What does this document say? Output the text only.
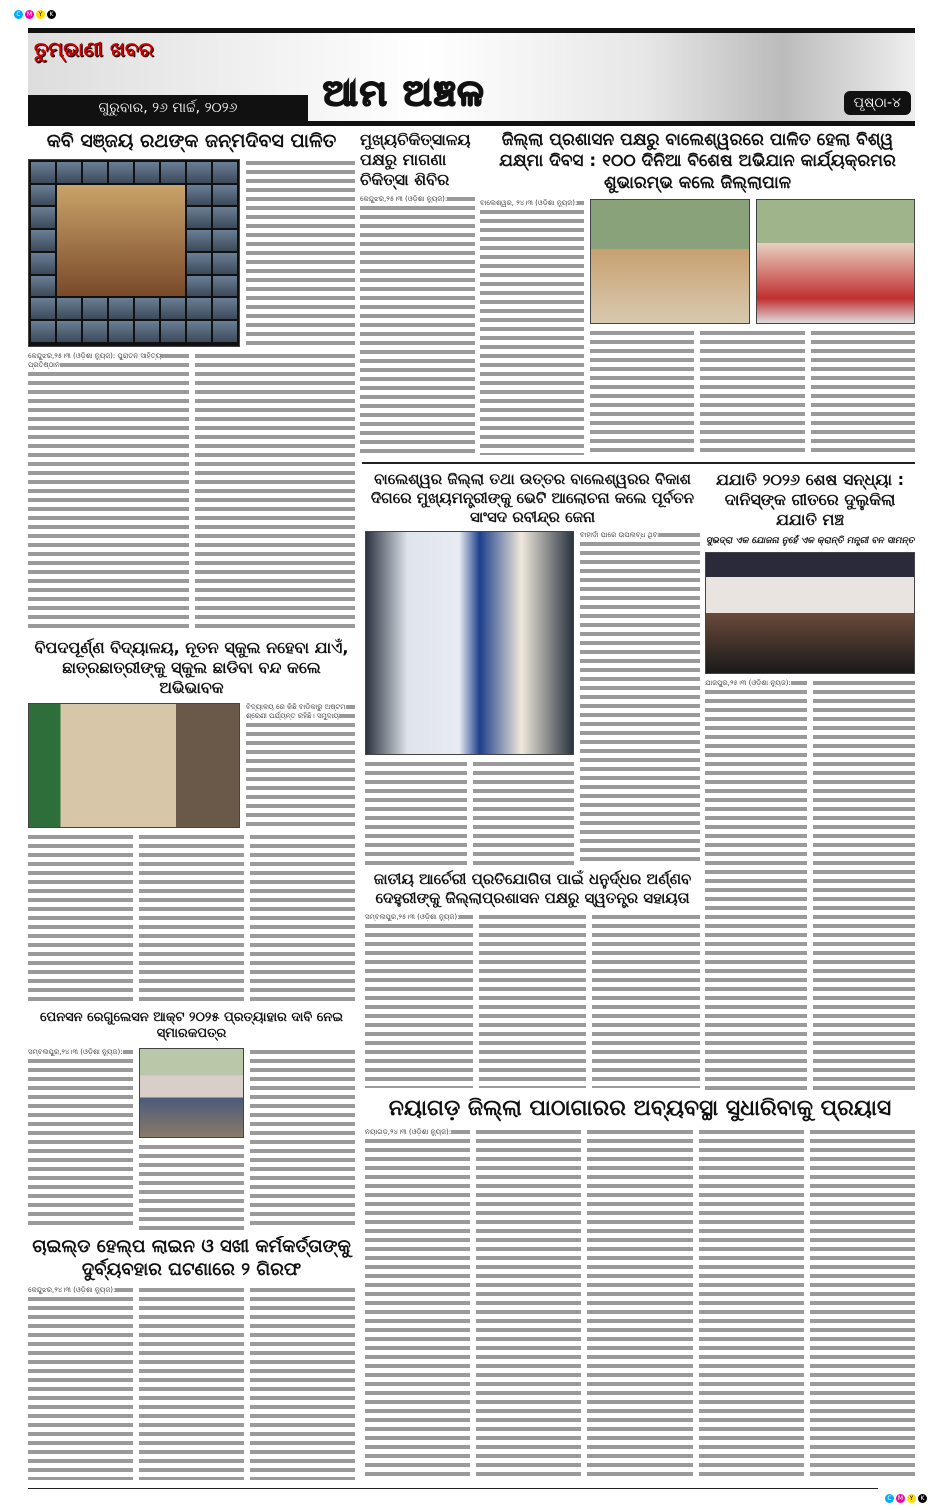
C	M	Y	K
C	M	Y	K
ତୁମ୍ଭାଣୀ ଖବର
ଗୁରୁବାର, ୨୬ ମାର୍ଚ୍ଚ, ୨୦୨୬	ଆମ ଅଞ୍ଚଳ	ପୃଷ୍ଠା-୪
କବି ସଞ୍ଜୟ ରଥଙ୍କ ଜନ୍ମଦିବସ ପାଳିତ
କେନ୍ଦୁଝର,୨୫।୩ (ଓଡ଼ିଶା ନ୍ୟୁଜ): ପୁରାତନ ସାହିତ୍ୟ ପ୍ରତିଷ୍ଠାନ
ମୁଖ୍ୟଚିକିତ୍ସାଳୟ ପକ୍ଷରୁ ମାଗଣା ଚିକିତ୍ସା ଶିବିର
କେନ୍ଦୁଝର,୨୫।୩ (ଓଡ଼ିଶା ନ୍ୟୁଜ):
ଜିଲ୍ଲା ପ୍ରଶାସନ ପକ୍ଷରୁ ବାଲେଶ୍ୱରରେ ପାଳିତ ହେଲା ବିଶ୍ୱ ଯକ୍ଷ୍ମା ଦିବସ : ୧୦୦ ଦିନିଆ ବିଶେଷ ଅଭିଯାନ କାର୍ଯ୍ୟକ୍ରମର ଶୁଭାରମ୍ଭ କଲେ ଜିଲ୍ଲାପାଳ
ବାଲେଶ୍ୱର, ୨୪।୩ (ଓଡ଼ିଶା ନ୍ୟୁଜ):
ବାଲେଶ୍ୱର ଜିଲ୍ଲା ତଥା ଉତ୍ତର ବାଲେଶ୍ୱରର ବିକାଶ ଦିଗରେ ମୁଖ୍ୟମନ୍ତ୍ରୀଙ୍କୁ ଭେଟି ଆଲୋଚନା କଲେ ପୂର୍ବତନ ସାଂସଦ ରବୀନ୍ଦ୍ର ଜେନା
ବାହାର୍ଦା ପାରେ ଉପଲବ୍ଧ ଥିବା
ଯଯାତି ୨୦୨୬ ଶେଷ ସନ୍ଧ୍ୟା : ଦାନିସ୍‌ଙ୍କ ଗୀତରେ ଦୁଲୁକିଲା ଯଯାତି ମଞ୍ଚ
ସୁଭଦ୍ରା ଏକ ଯୋଜନା ନୁହେଁ ଏକ କ୍ରାନ୍ତି ମନ୍ତ୍ରୀ ବନ ସାମନ୍ତ
ଯାଜପୁର,୨୫।୩ (ଓଡ଼ିଶା ନ୍ୟୁଜ):
ବିପଦପୂର୍ଣ୍ଣ ବିଦ୍ୟାଳୟ, ନୂତନ ସ୍କୁଲ ନହେବା ଯାଏଁ, ଛାତ୍ରଛାତ୍ରୀଙ୍କୁ ସ୍କୁଲ ଛାଡିବା ବନ୍ଦ କଲେ ଅଭିଭାବକ
ବିଦ୍ୟାଳୟ ରେ କିଛି ବାଡିକାରୁ ଅଷ୍ଟମ ଶ୍ରେଣୀ ପର୍ଯ୍ୟନ୍ତ ରହିଛି। ସମୁଦାୟ
ଜାତୀୟ ଆର୍ଚେରୀ ପ୍ରତିଯୋଗିତା ପାଇଁ ଧନୁର୍ଦ୍ଧର ଅର୍ଣ୍ଣବ ଦେହୁରୀଙ୍କୁ ଜିଲ୍ଲାପ୍ରଶାସନ ପକ୍ଷରୁ ସ୍ୱତନ୍ତ୍ର ସହାୟତା
ସମ୍ବଲପୁର,୨୫।୩ (ଓଡ଼ିଶା ନ୍ୟୁଜ):
ପେନସନ ରେଗୁଲେସନ ଆକ୍ଟ ୨୦୨୫ ପ୍ରତ୍ୟାହାର ଦାବି ନେଇ ସ୍ମାରକପତ୍ର
ସମ୍ବଲପୁର,୨୪।୩ (ଓଡ଼ିଶା ନ୍ୟୁଜ):
ନୟାଗଡ଼ ଜିଲ୍ଲା ପାଠାଗାରର ଅବ୍ୟବସ୍ଥା ସୁଧାରିବାକୁ ପ୍ରୟାସ
ନୟାଗଡ଼,୨୪।୩ (ଓଡ଼ିଶା ନ୍ୟୁଜ):
ଚାଇଲ୍ଡ ହେଲ୍ପ ଲାଇନ ଓ ସଖୀ କର୍ମକର୍ତ୍ତାଙ୍କୁ ଦୁର୍ବ୍ୟବହାର ଘଟଣାରେ ୨ ଗିରଫ
କେନ୍ଦୁଝର,୨୪।୩ (ଓଡ଼ିଶା ନ୍ୟୁଜ):
